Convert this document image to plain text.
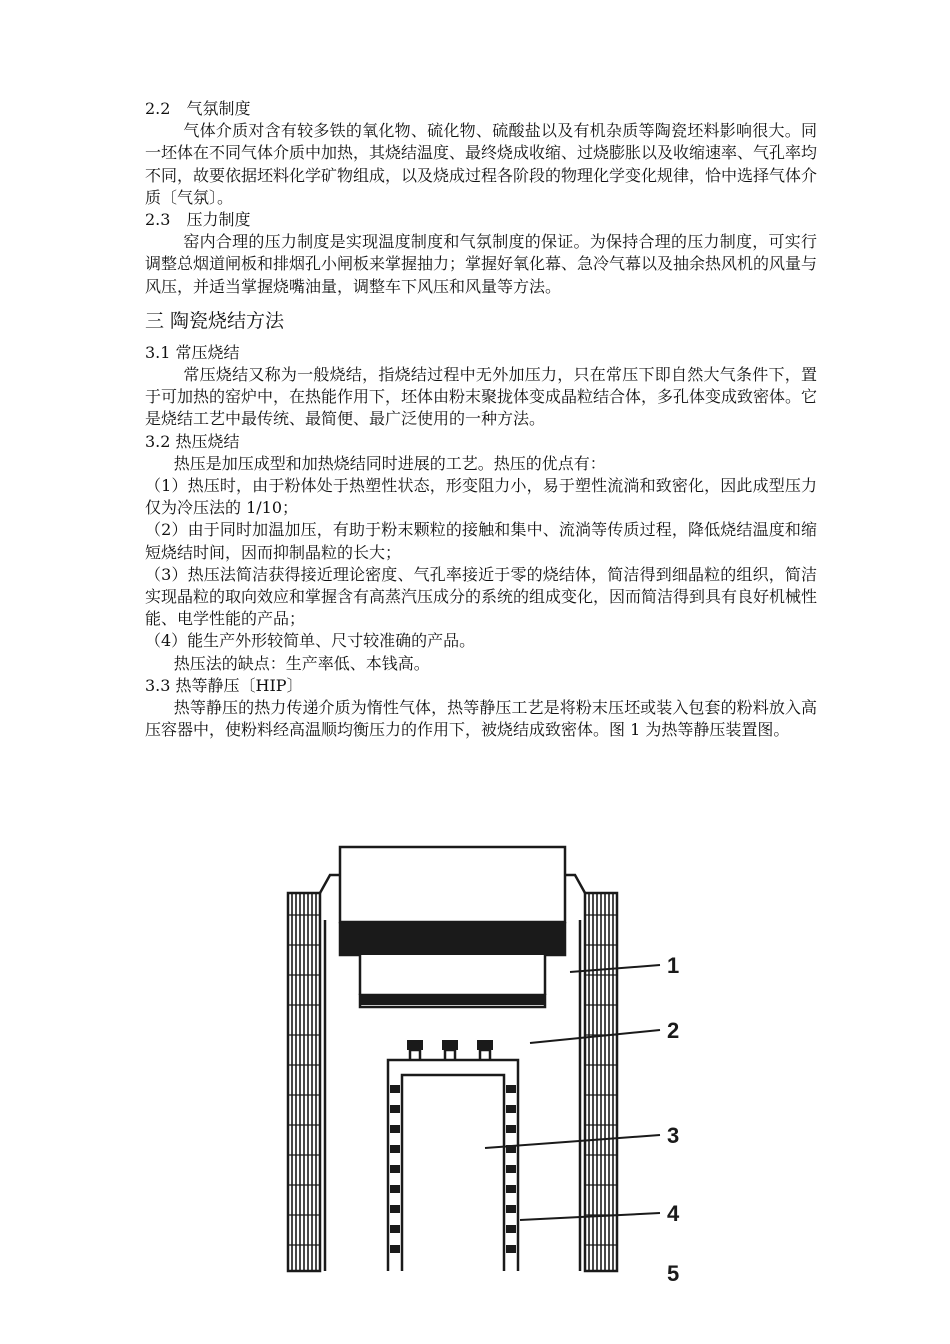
2.2　气氛制度

气体介质对含有较多铁的氧化物、硫化物、硫酸盐以及有机杂质等陶瓷坯料影响很大。同一坯体在不同气体介质中加热，其烧结温度、最终烧成收缩、过烧膨胀以及收缩速率、气孔率均不同，故要依据坯料化学矿物组成，以及烧成过程各阶段的物理化学变化规律，恰中选择气体介质〔气氛〕。

2.3　压力制度

窑内合理的压力制度是实现温度制度和气氛制度的保证。为保持合理的压力制度，可实行调整总烟道闸板和排烟孔小闸板来掌握抽力；掌握好氧化幕、急冷气幕以及抽余热风机的风量与风压，并适当掌握烧嘴油量，调整车下风压和风量等方法。

三 陶瓷烧结方法

3.1 常压烧结

常压烧结又称为一般烧结，指烧结过程中无外加压力，只在常压下即自然大气条件下，置于可加热的窑炉中，在热能作用下，坯体由粉末聚拢体变成晶粒结合体，多孔体变成致密体。它是烧结工艺中最传统、最简便、最广泛使用的一种方法。

3.2 热压烧结

热压是加压成型和加热烧结同时进展的工艺。热压的优点有：

（1）热压时，由于粉体处于热塑性状态，形变阻力小，易于塑性流淌和致密化，因此成型压力仅为冷压法的 1/10；

（2）由于同时加温加压，有助于粉末颗粒的接触和集中、流淌等传质过程，降低烧结温度和缩短烧结时间，因而抑制晶粒的长大；

（3）热压法简洁获得接近理论密度、气孔率接近于零的烧结体，简洁得到细晶粒的组织，简洁实现晶粒的取向效应和掌握含有高蒸汽压成分的系统的组成变化，因而简洁得到具有良好机械性能、电学性能的产品；

（4）能生产外形较简单、尺寸较准确的产品。

热压法的缺点：生产率低、本钱高。

3.3 热等静压〔HIP〕

热等静压的热力传递介质为惰性气体，热等静压工艺是将粉末压坯或装入包套的粉料放入高压容器中，使粉料经高温顺均衡压力的作用下，被烧结成致密体。图 1 为热等静压装置图。

1
2
3
4
5
